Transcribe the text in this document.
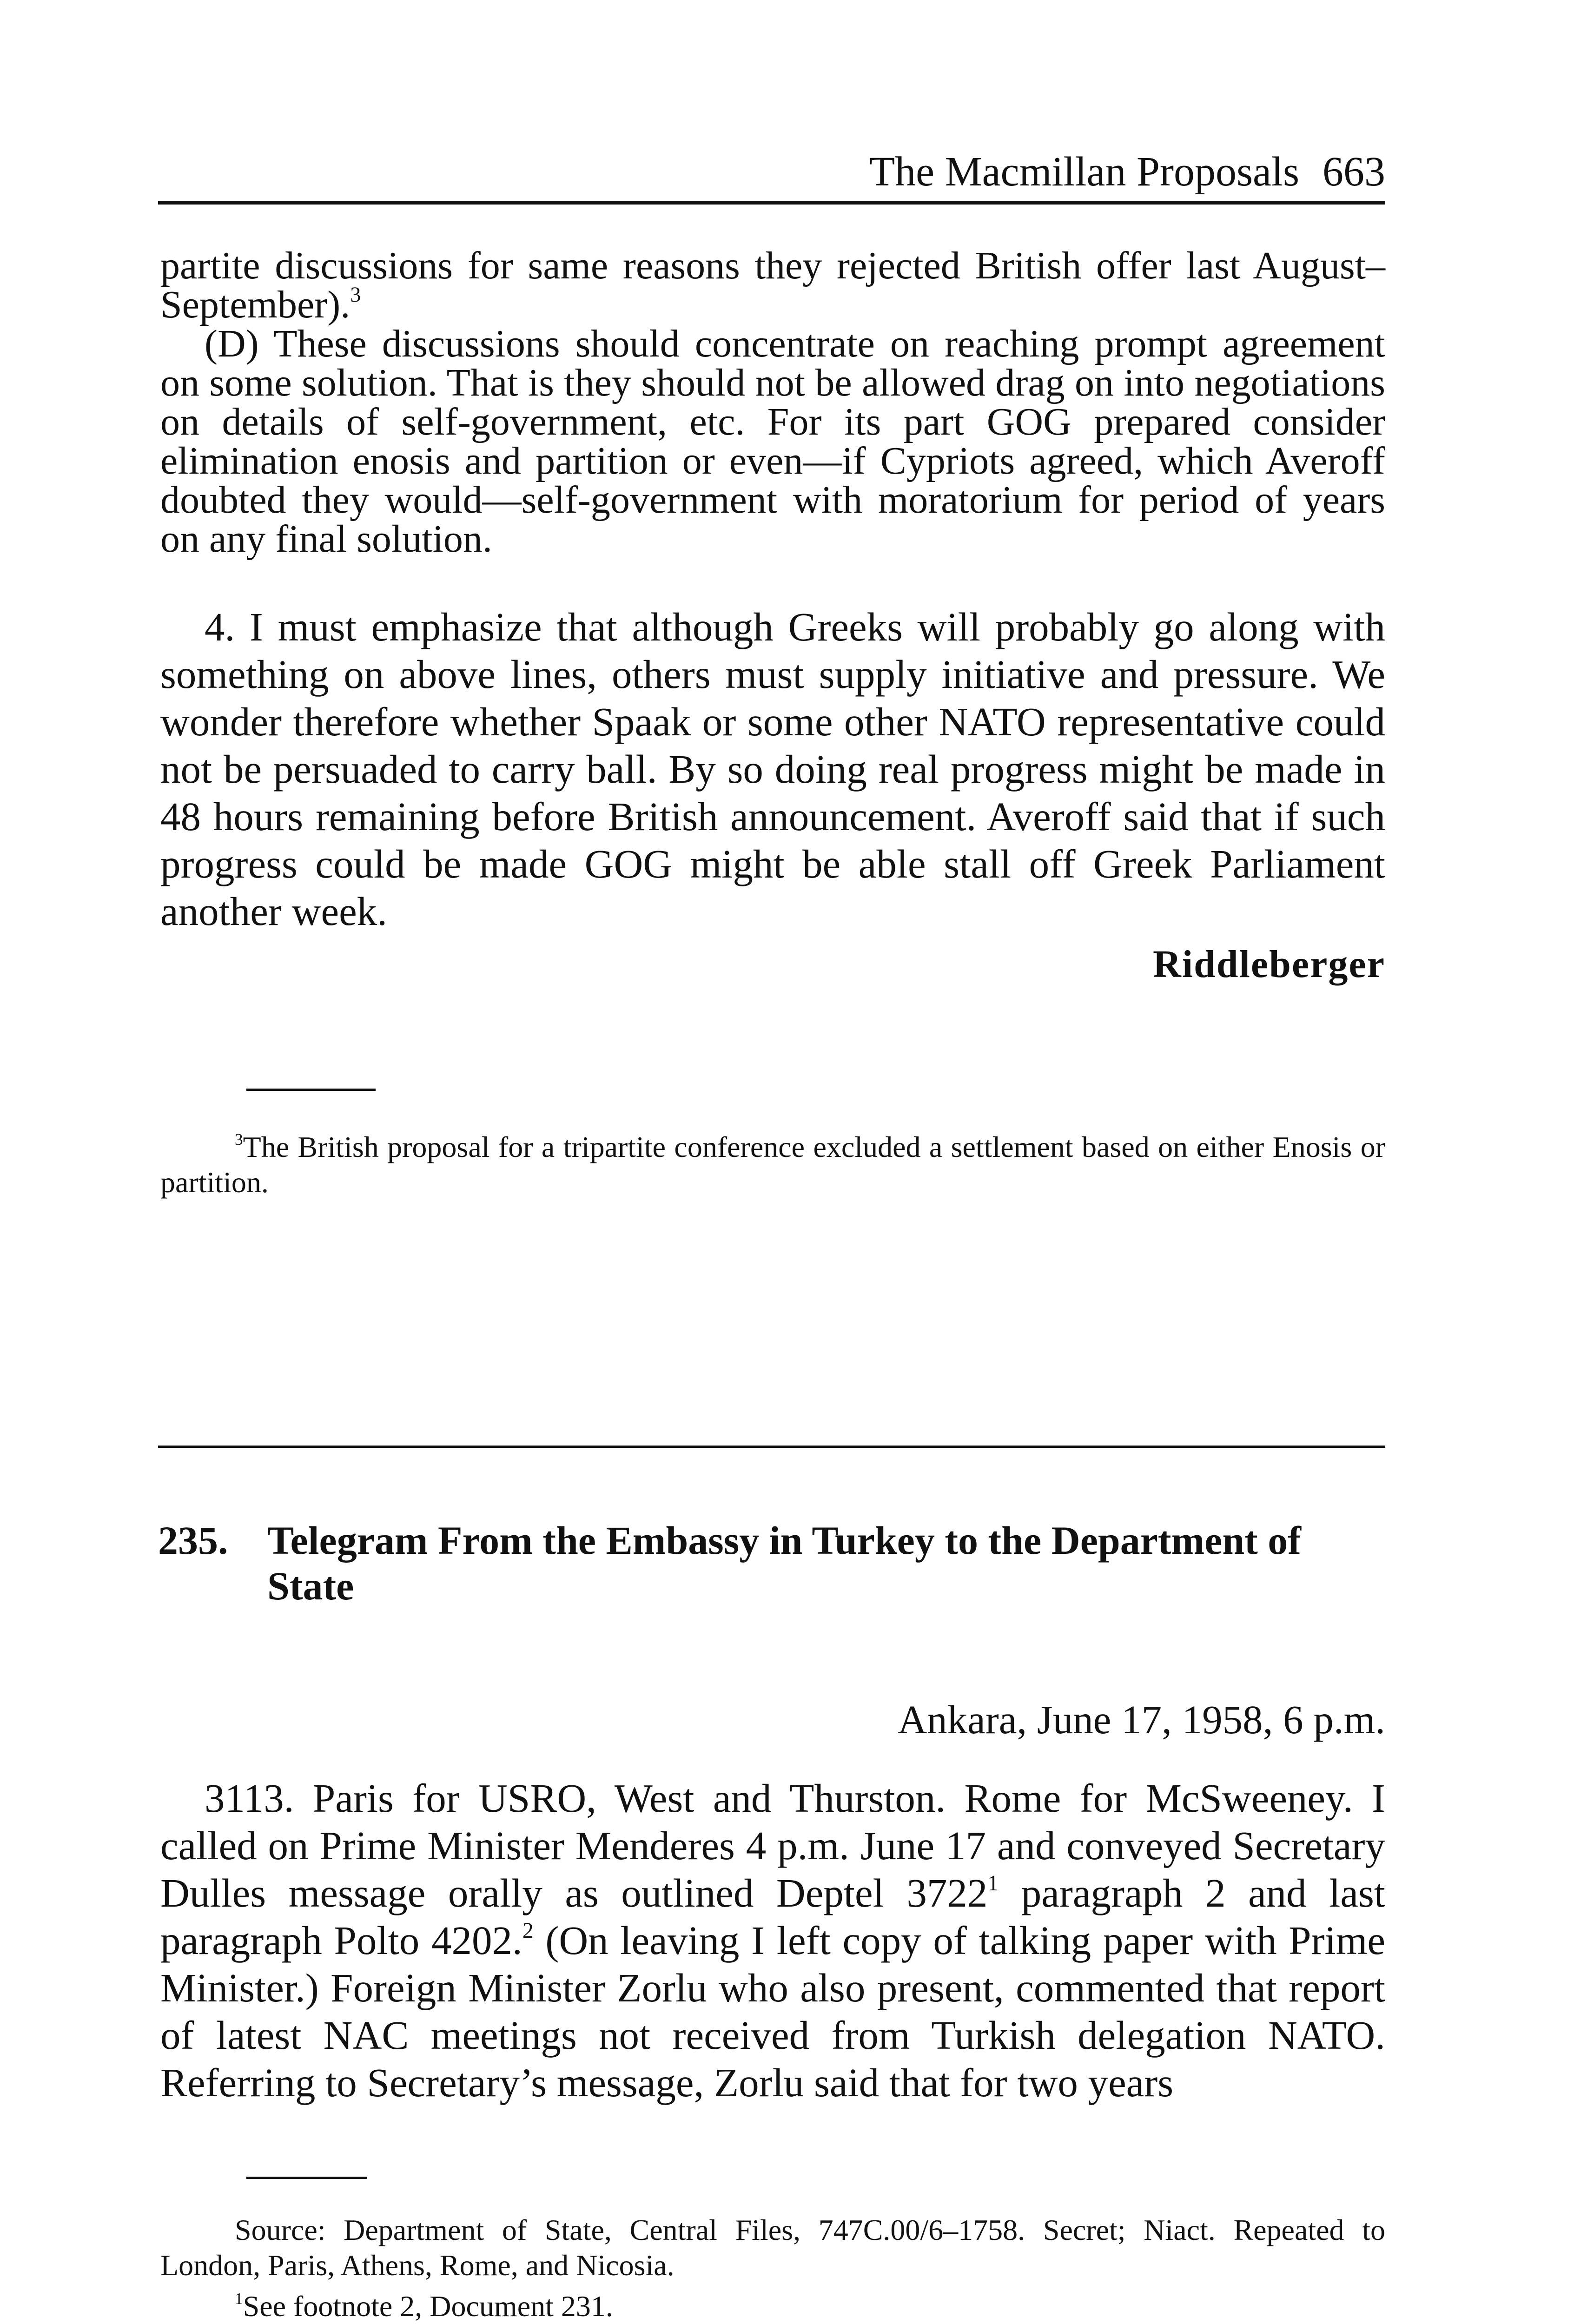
The Macmillan Proposals 663

partite discussions for same reasons they rejected British offer last August–September).$^3$

(D) These discussions should concentrate on reaching prompt agreement on some solution. That is they should not be allowed drag on into negotiations on details of self-government, etc. For its part GOG prepared consider elimination enosis and partition or even—if Cypriots agreed, which Averoff doubted they would—self-government with moratorium for period of years on any final solution.

4. I must emphasize that although Greeks will probably go along with something on above lines, others must supply initiative and pressure. We wonder therefore whether Spaak or some other NATO representative could not be persuaded to carry ball. By so doing real progress might be made in 48 hours remaining before British announcement. Averoff said that if such progress could be made GOG might be able stall off Greek Parliament another week.

Riddleberger

$^3$The British proposal for a tripartite conference excluded a settlement based on either Enosis or partition.

235. Telegram From the Embassy in Turkey to the Department of State
Ankara, June 17, 1958, 6 p.m.

3113. Paris for USRO, West and Thurston. Rome for McSweeney. I called on Prime Minister Menderes 4 p.m. June 17 and conveyed Secretary Dulles message orally as outlined Deptel 3722$^1$ paragraph 2 and last paragraph Polto 4202.$^2$ (On leaving I left copy of talking paper with Prime Minister.) Foreign Minister Zorlu who also present, commented that report of latest NAC meetings not received from Turkish delegation NATO. Referring to Secretary’s message, Zorlu said that for two years

Source: Department of State, Central Files, 747C.00/6–1758. Secret; Niact. Repeated to London, Paris, Athens, Rome, and Nicosia.

$^1$See footnote 2, Document 231.
